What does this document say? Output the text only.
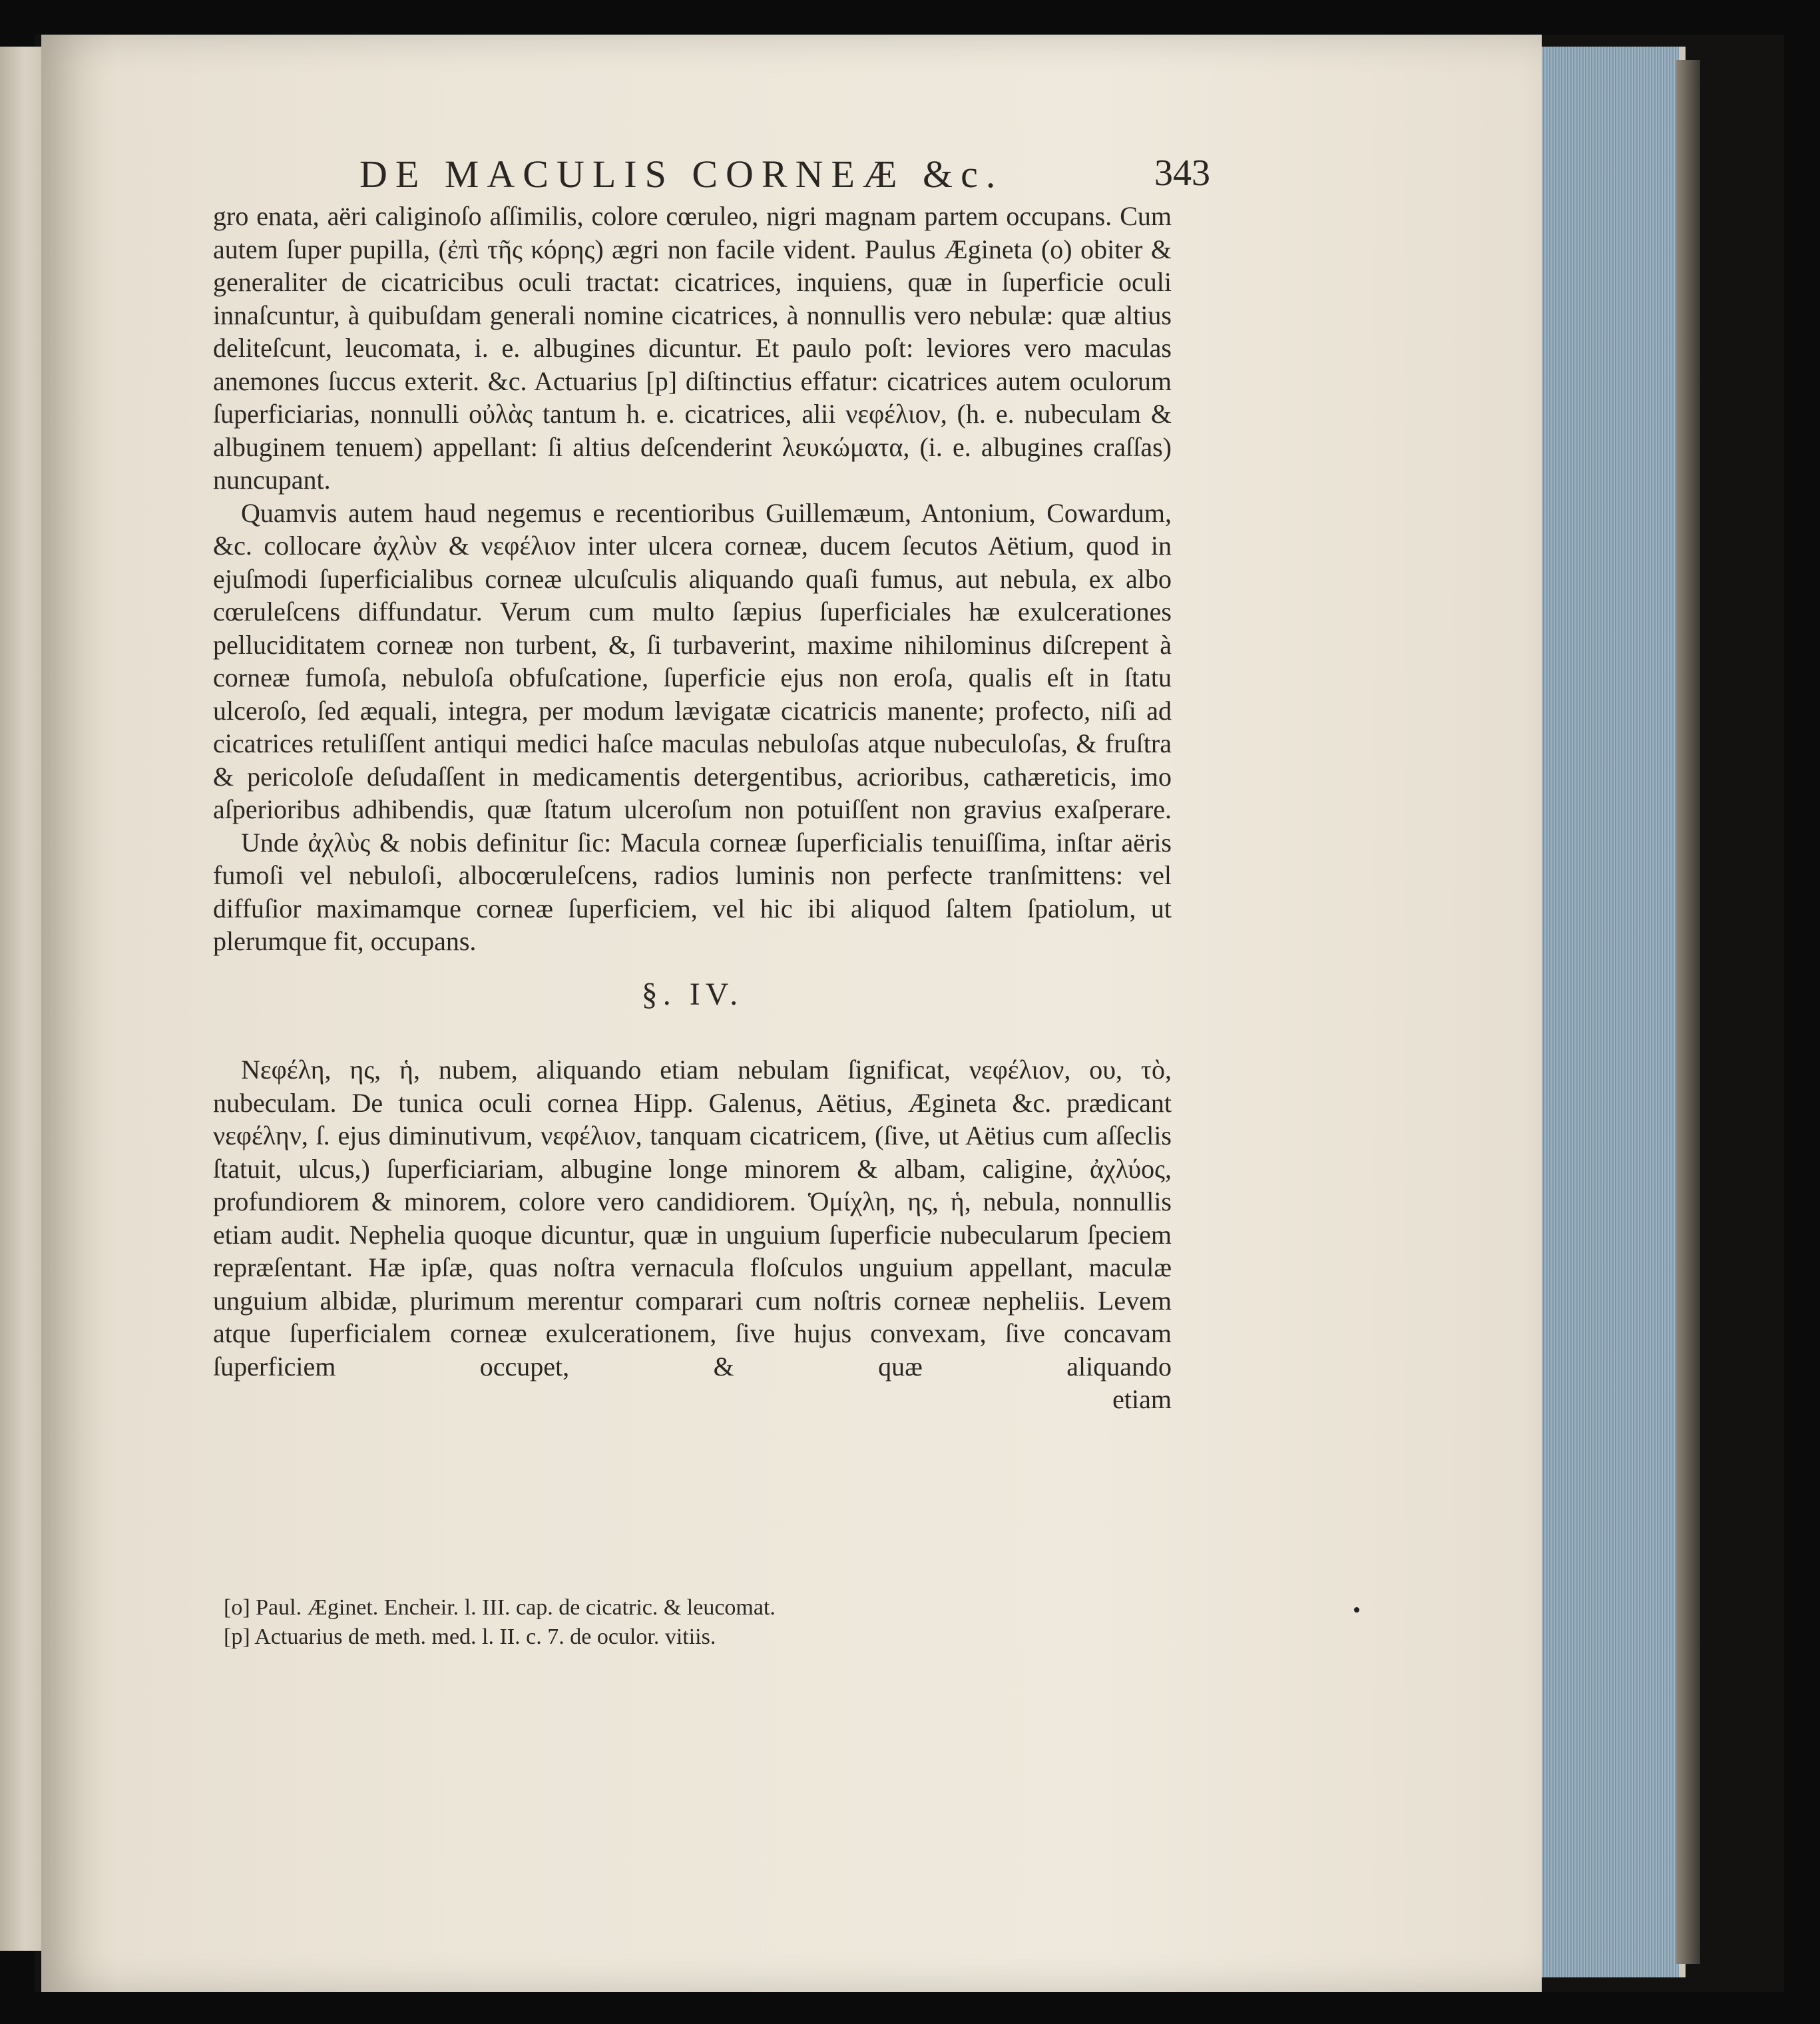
DE MACULIS CORNEÆ &c.	343

gro enata, aëri caliginoſo aſſimilis, colore cœruleo, nigri magnam partem occupans. Cum autem ſuper pupilla, (ἐπὶ τῆς κόρης) ægri non facile vident. Paulus Ægineta (o) obiter & generaliter de cicatricibus oculi tractat: cicatrices, inquiens, quæ in ſuperficie oculi innaſcuntur, à quibuſdam generali nomine cicatrices, à nonnullis vero nebulæ: quæ altius deliteſcunt, leucomata, i. e. albugines dicuntur. Et paulo poſt: leviores vero maculas anemones ſuccus exterit. &c. Actuarius [p] diſtinctius effatur: cicatrices autem oculorum ſuperficiarias, nonnulli οὐλὰς tantum h. e. cicatrices, alii νεφέλιον, (h. e. nubeculam & albuginem tenuem) appellant: ſi altius deſcenderint λευκώματα, (i. e. albugines craſſas) nuncupant.

Quamvis autem haud negemus e recentioribus Guillemæum, Antonium, Cowardum, &c. collocare ἀχλὺν & νεφέλιον inter ulcera corneæ, ducem ſecutos Aëtium, quod in ejuſmodi ſuperficialibus corneæ ulcuſculis aliquando quaſi fumus, aut nebula, ex albo cœruleſcens diffundatur. Verum cum multo ſæpius ſuperficiales hæ exulcerationes pelluciditatem corneæ non turbent, &, ſi turbaverint, maxime nihilominus diſcrepent à corneæ fumoſa, nebuloſa obfuſcatione, ſuperficie ejus non eroſa, qualis eſt in ſtatu ulceroſo, ſed æquali, integra, per modum lævigatæ cicatricis manente; profecto, niſi ad cicatrices retuliſſent antiqui medici haſce maculas nebuloſas atque nubeculoſas, & fruſtra & pericoloſe deſudaſſent in medicamentis detergentibus, acrioribus, cathæreticis, imo aſperioribus adhibendis, quæ ſtatum ulceroſum non potuiſſent non gravius exaſperare.

Unde ἀχλὺς & nobis definitur ſic: Macula corneæ ſuperficialis tenuiſſima, inſtar aëris fumoſi vel nebuloſi, albocœruleſcens, radios luminis non perfecte tranſmittens: vel diffuſior maximamque corneæ ſuperficiem, vel hic ibi aliquod ſaltem ſpatiolum, ut plerumque fit, occupans.

§. IV.

Νεφέλη, ης, ἡ, nubem, aliquando etiam nebulam ſignificat, νεφέλιον, ου, τὸ, nubeculam. De tunica oculi cornea Hipp. Galenus, Aëtius, Ægineta &c. prædicant νεφέλην, ſ. ejus diminutivum, νεφέλιον, tanquam cicatricem, (ſive, ut Aëtius cum aſſeclis ſtatuit, ulcus,) ſuperficiariam, albugine longe minorem & albam, caligine, ἀχλύος, profundiorem & minorem, colore vero candidiorem. Ὁμίχλη, ης, ἡ, nebula, nonnullis etiam audit. Nephelia quoque dicuntur, quæ in unguium ſuperficie nubecularum ſpeciem repræſentant. Hæ ipſæ, quas noſtra vernacula floſculos unguium appellant, maculæ unguium albidæ, plurimum merentur comparari cum noſtris corneæ nepheliis. Levem atque ſuperficialem corneæ exulcerationem, ſive hujus convexam, ſive concavam ſuperficiem occupet, & quæ aliquando

etiam

[o] Paul. Æginet. Encheir. l. III. cap. de cicatric. & leucomat.

[p] Actuarius de meth. med. l. II. c. 7. de oculor. vitiis.
